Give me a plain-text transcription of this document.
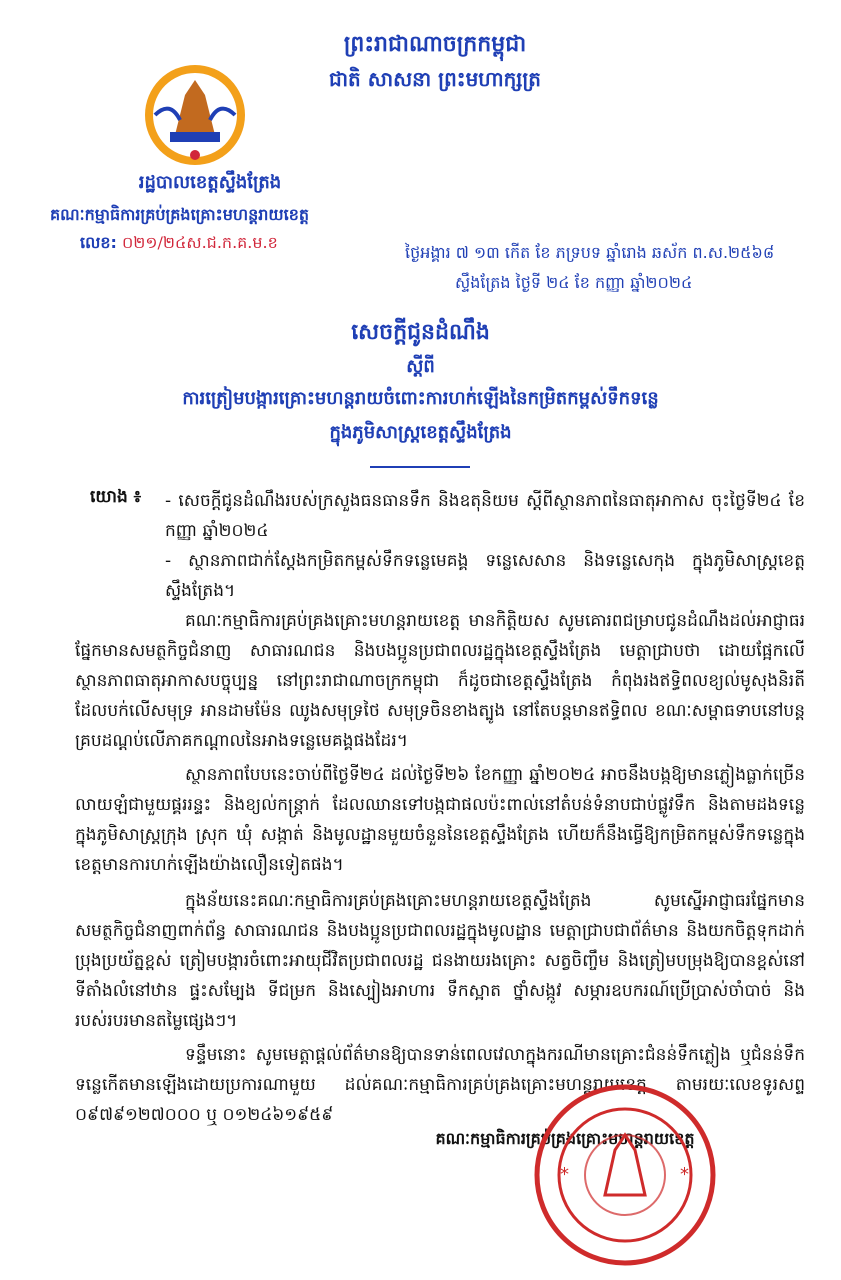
ព្រះរាជាណាចក្រកម្ពុជា
ជាតិ សាសនា ព្រះមហាក្សត្រ
រដ្ឋបាលខេត្តស្ទឹងត្រែង
គណៈកម្មាធិការគ្រប់គ្រងគ្រោះមហន្តរាយខេត្ត
លេខ: ០២១/២៤ស.ជ.ក.គ.ម.ខ
ថ្ងៃអង្គារ ៧ ១៣ កើត ខែ ភទ្របទ ឆ្នាំរោង ឆស័ក ព.ស.២៥៦៨
ស្ទឹងត្រែង ថ្ងៃទី ២៤ ខែ កញ្ញា ឆ្នាំ២០២៤
សេចក្ដីជូនដំណឹង
ស្ដីពី
ការត្រៀមបង្ការគ្រោះមហន្តរាយចំពោះការហក់ឡើងនៃកម្រិតកម្ពស់ទឹកទន្លេ
ក្នុងភូមិសាស្ត្រខេត្តស្ទឹងត្រែង
យោង ៖	- សេចក្ដីជូនដំណឹងរបស់ក្រសួងធនធានទឹក និងឧតុនិយម ស្ដីពីស្ថានភាពនៃធាតុអាកាស ចុះថ្ងៃទី២៤ ខែកញ្ញា ឆ្នាំ២០២៤
- ស្ថានភាពជាក់ស្ដែងកម្រិតកម្ពស់ទឹកទន្លេមេគង្គ ទន្លេសេសាន និងទន្លេសេកុង ក្នុងភូមិសាស្ត្រខេត្តស្ទឹងត្រែង។
គណៈកម្មាធិការគ្រប់គ្រងគ្រោះមហន្តរាយខេត្ត មានកិត្តិយស សូមគោរពជម្រាបជូនដំណឹងដល់អាជ្ញាធរ ផ្នែកមានសមត្ថកិច្ចជំនាញ សាធារណជន និងបងប្អូនប្រជាពលរដ្ឋក្នុងខេត្តស្ទឹងត្រែង មេត្តាជ្រាបថា ដោយផ្អែកលើស្ថានភាពធាតុអាកាសបច្ចុប្បន្ន នៅព្រះរាជាណាចក្រកម្ពុជា ក៏ដូចជាខេត្តស្ទឹងត្រែង កំពុងរងឥទ្ធិពលខ្យល់មូសុងនិរតី ដែលបក់លើសមុទ្រ អានដាមម៉ែន ឈូងសមុទ្រថៃ សមុទ្រចិនខាងត្បូង នៅតែបន្តមានឥទ្ធិពល ខណៈសម្ពាធទាបនៅបន្តគ្របដណ្តប់លើភាគកណ្តាលនៃអាងទន្លេមេគង្គផងដែរ។
ស្ថានភាពបែបនេះចាប់ពីថ្ងៃទី២៤ ដល់ថ្ងៃទី២៦ ខែកញ្ញា ឆ្នាំ២០២៤ អាចនឹងបង្កឱ្យមានភ្លៀងធ្លាក់ច្រើនលាយឡំជាមួយផ្គររន្ទះ និងខ្យល់កន្ត្រាក់ ដែលឈានទៅបង្កជាផលប៉ះពាល់នៅតំបន់ទំនាបជាប់ផ្លូវទឹក និងតាមដងទន្លេក្នុងភូមិសាស្ត្រក្រុង ស្រុក ឃុំ សង្កាត់ និងមូលដ្ឋានមួយចំនួននៃខេត្តស្ទឹងត្រែង ហើយក៏នឹងធ្វើឱ្យកម្រិតកម្ពស់ទឹកទន្លេក្នុងខេត្តមានការហក់ឡើងយ៉ាងលឿនទៀតផង។
ក្នុងន័យនេះគណៈកម្មាធិការគ្រប់គ្រងគ្រោះមហន្តរាយខេត្តស្ទឹងត្រែង សូមស្នើអាជ្ញាធរផ្នែកមានសមត្ថកិច្ចជំនាញពាក់ព័ន្ធ សាធារណជន និងបងប្អូនប្រជាពលរដ្ឋក្នុងមូលដ្ឋាន មេត្តាជ្រាបជាព័ត៌មាន និងយកចិត្តទុកដាក់ប្រុងប្រយ័ត្នខ្ពស់ ត្រៀមបង្ការចំពោះអាយុជីវិតប្រជាពលរដ្ឋ ជនងាយរងគ្រោះ សត្វចិញ្ចឹម និងត្រៀមបម្រុងឱ្យបានខ្ពស់នៅទីតាំងលំនៅឋាន ផ្ទះសម្បែង ទីជម្រក និងស្បៀងអាហារ ទឹកស្អាត ថ្នាំសង្កូវ សម្ភារឧបករណ៍ប្រើប្រាស់ចាំបាច់ និងរបស់របរមានតម្លៃផ្សេងៗ។
ទន្ទឹមនោះ សូមមេត្តាផ្ដល់ព័ត៌មានឱ្យបានទាន់ពេលវេលាក្នុងករណីមានគ្រោះជំនន់ទឹកភ្លៀង ឬជំនន់ទឹកទន្លេកើតមានឡើងដោយប្រការណាមួយ ដល់គណៈកម្មាធិការគ្រប់គ្រងគ្រោះមហន្តរាយខេត្ត តាមរយៈលេខទូរសព្ទ ០៩៧៩១២៧០០០ ឬ ០១២៤៦១៩៥៩
គណៈកម្មាធិការគ្រប់គ្រងគ្រោះមហន្តរាយខេត្ត
*	*
